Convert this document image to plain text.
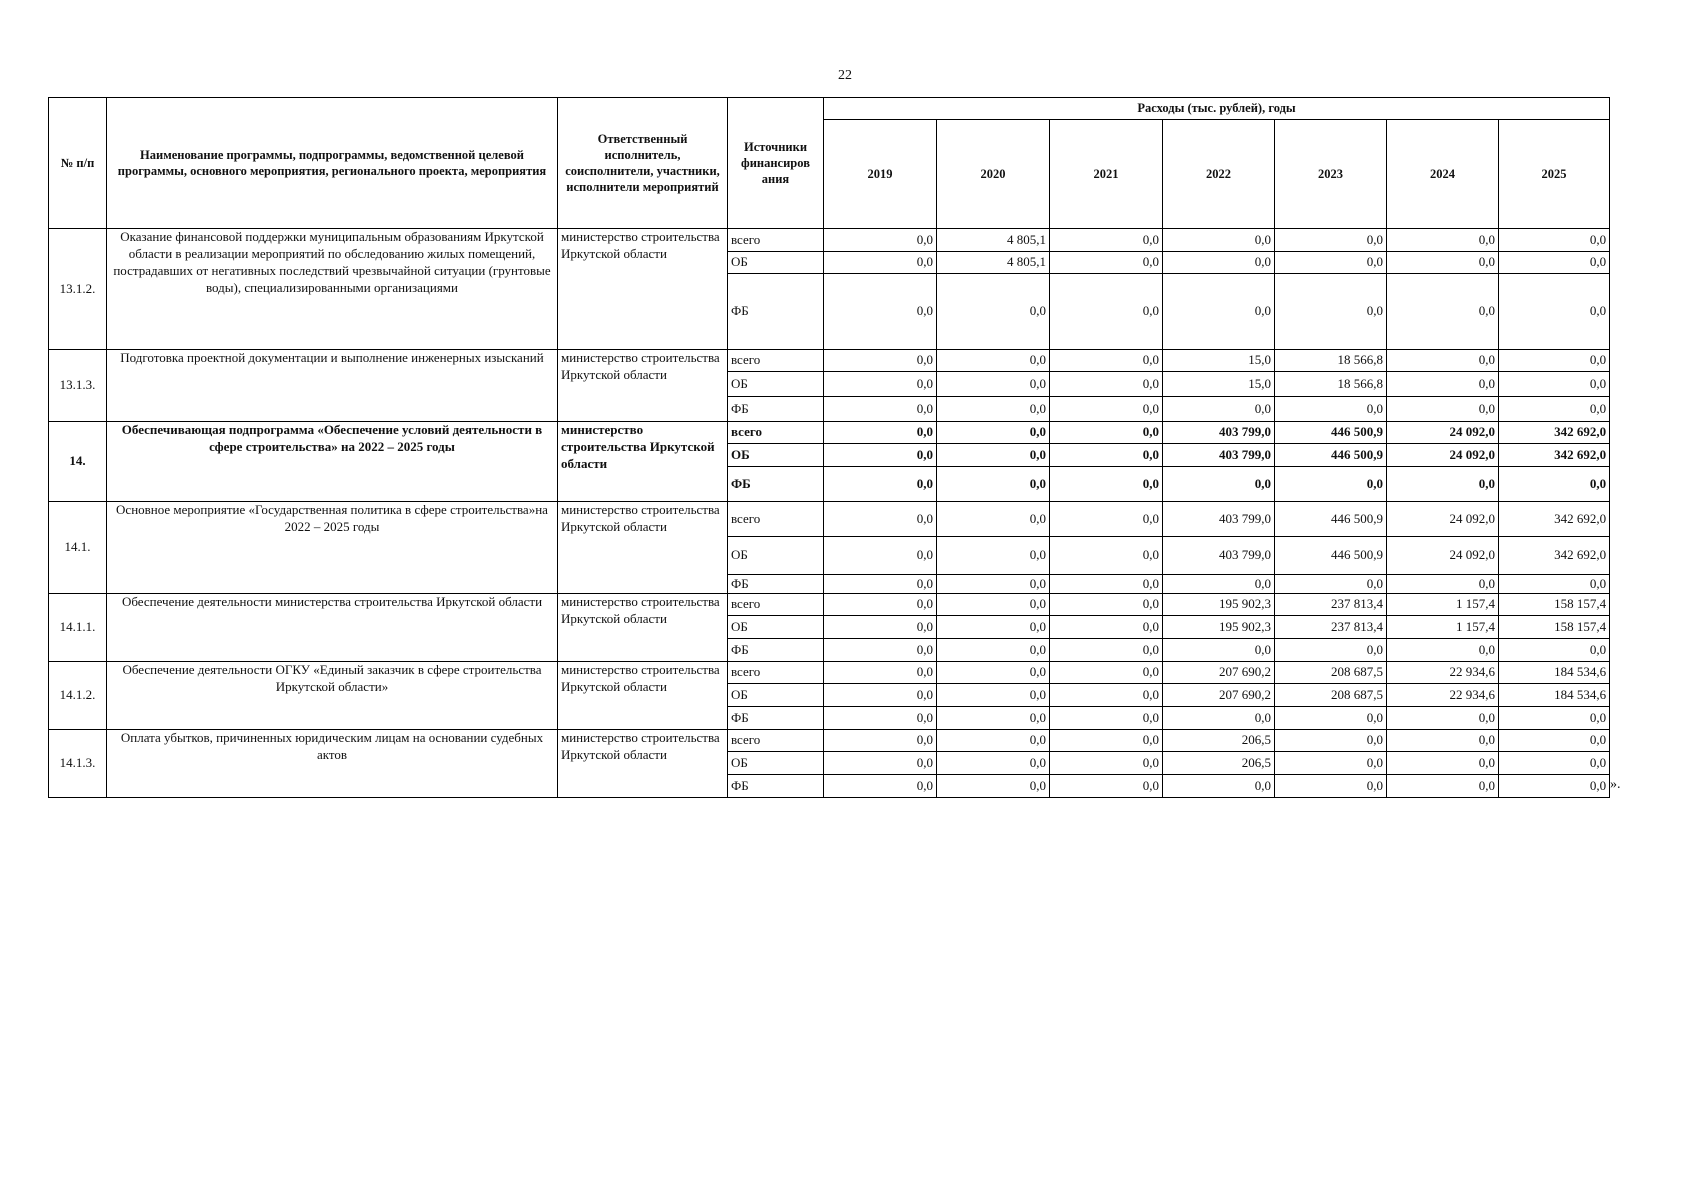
22
№ п/п	Наименование программы, подпрограммы, ведомственной целевой программы, основного мероприятия, регионального проекта, мероприятия	Ответственный исполнитель, соисполнители, участники, исполнители мероприятий	Источники финансиров ания	Расходы (тыс. рублей), годы						
				2019	2020	2021	2022	2023	2024	2025
13.1.2.	Оказание финансовой поддержки муниципальным образованиям Иркутской области в реализации мероприятий по обследованию жилых помещений, пострадавших от негативных последствий чрезвычайной ситуации (грунтовые воды), специализированными организациями	министерство строительства Иркутской области	всего	0,0	4 805,1	0,0	0,0	0,0	0,0	0,0
			ОБ	0,0	4 805,1	0,0	0,0	0,0	0,0	0,0
			ФБ	0,0	0,0	0,0	0,0	0,0	0,0	0,0
13.1.3.	Подготовка проектной документации и выполнение инженерных изысканий	министерство строительства Иркутской области	всего	0,0	0,0	0,0	15,0	18 566,8	0,0	0,0
			ОБ	0,0	0,0	0,0	15,0	18 566,8	0,0	0,0
			ФБ	0,0	0,0	0,0	0,0	0,0	0,0	0,0
14.	Обеспечивающая подпрограмма «Обеспечение условий деятельности в сфере строительства» на 2022 – 2025 годы	министерство строительства Иркутской области	всего	0,0	0,0	0,0	403 799,0	446 500,9	24 092,0	342 692,0
			ОБ	0,0	0,0	0,0	403 799,0	446 500,9	24 092,0	342 692,0
			ФБ	0,0	0,0	0,0	0,0	0,0	0,0	0,0
14.1.	Основное мероприятие «Государственная политика в сфере строительства»на 2022 – 2025 годы	министерство строительства Иркутской области	всего	0,0	0,0	0,0	403 799,0	446 500,9	24 092,0	342 692,0
			ОБ	0,0	0,0	0,0	403 799,0	446 500,9	24 092,0	342 692,0
			ФБ	0,0	0,0	0,0	0,0	0,0	0,0	0,0
14.1.1.	Обеспечение деятельности министерства строительства Иркутской области	министерство строительства Иркутской области	всего	0,0	0,0	0,0	195 902,3	237 813,4	1 157,4	158 157,4
			ОБ	0,0	0,0	0,0	195 902,3	237 813,4	1 157,4	158 157,4
			ФБ	0,0	0,0	0,0	0,0	0,0	0,0	0,0
14.1.2.	Обеспечение деятельности ОГКУ «Единый заказчик в сфере строительства Иркутской области»	министерство строительства Иркутской области	всего	0,0	0,0	0,0	207 690,2	208 687,5	22 934,6	184 534,6
			ОБ	0,0	0,0	0,0	207 690,2	208 687,5	22 934,6	184 534,6
			ФБ	0,0	0,0	0,0	0,0	0,0	0,0	0,0
14.1.3.	Оплата убытков, причиненных юридическим лицам на основании судебных актов	министерство строительства Иркутской области	всего	0,0	0,0	0,0	206,5	0,0	0,0	0,0
			ОБ	0,0	0,0	0,0	206,5	0,0	0,0	0,0
			ФБ	0,0	0,0	0,0	0,0	0,0	0,0	0,0 ».
